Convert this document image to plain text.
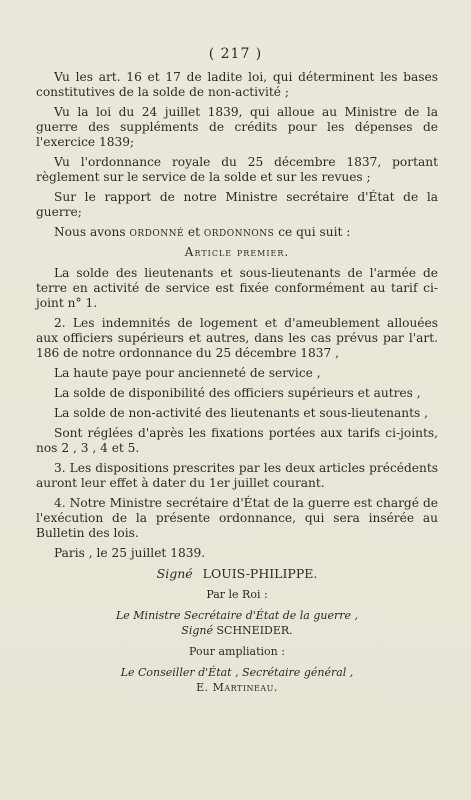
( 217 )

Vu les art. 16 et 17 de ladite loi, qui déterminent les bases constitutives de la solde de non-activité ;

Vu la loi du 24 juillet 1839, qui alloue au Ministre de la guerre des suppléments de crédits pour les dépenses de l'exercice 1839;

Vu l'ordonnance royale du 25 décembre 1837, portant règlement sur le service de la solde et sur les revues ;

Sur le rapport de notre Ministre secrétaire d'État de la guerre;

Nous avons ordonné et ordonnons ce qui suit :

Article premier.

La solde des lieutenants et sous-lieutenants de l'armée de terre en activité de service est fixée conformément au tarif ci-joint n° 1.

2. Les indemnités de logement et d'ameublement allouées aux officiers supérieurs et autres, dans les cas prévus par l'art. 186 de notre ordonnance du 25 décembre 1837 ,

La haute paye pour ancienneté de service ,

La solde de disponibilité des officiers supérieurs et autres ,

La solde de non-activité des lieutenants et sous-lieutenants ,

Sont réglées d'après les fixations portées aux tarifs ci-joints, nos 2 , 3 , 4 et 5.

3. Les dispositions prescrites par les deux articles précédents auront leur effet à dater du 1er juillet courant.

4. Notre Ministre secrétaire d'État de la guerre est chargé de l'exécution de la présente ordonnance, qui sera insérée au Bulletin des lois.

Paris , le 25 juillet 1839.

Signé LOUIS-PHILIPPE.
Par le Roi :
Le Ministre Secrétaire d'État de la guerre ,
Signé SCHNEIDER.
Pour ampliation :
Le Conseiller d'État , Secrétaire général ,
E. Martineau.
